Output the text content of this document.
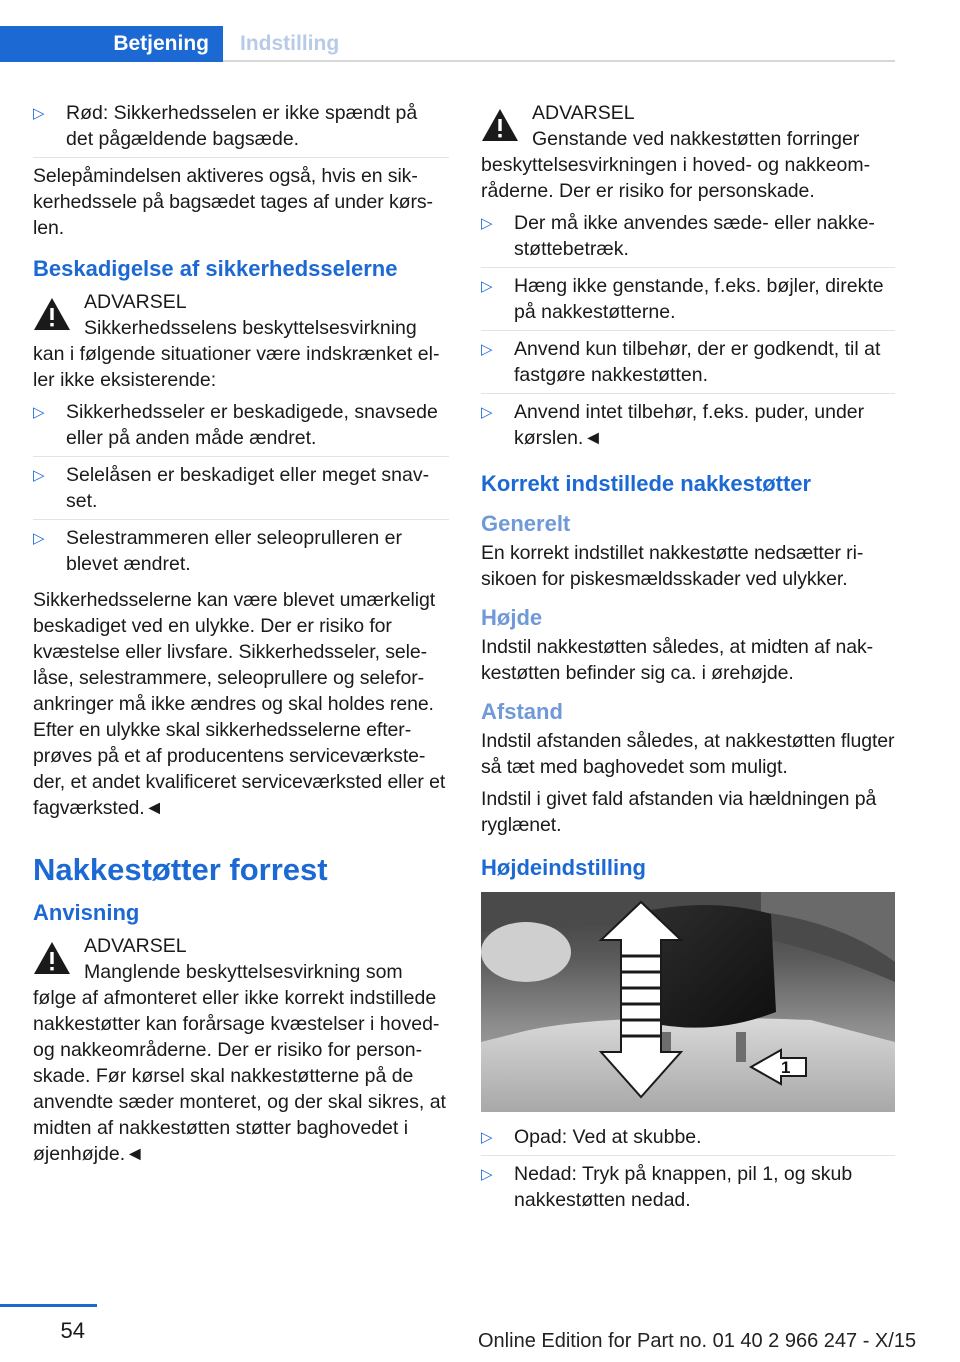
Betjening	Indstilling
▷ Rød: Sikkerhedsselen er ikke spændt på det pågældende bagsæde.
Selepåmindelsen aktiveres også, hvis en sikkerhedssele på bagsædet tages af under kørslen.
Beskadigelse af sikkerhedsselerne
ADVARSEL
Sikkerhedsselens beskyttelsesvirkning
kan i følgende situationer være indskrænket eller ikke eksisterende:
▷ Sikkerhedsseler er beskadigede, snavsede eller på anden måde ændret.
▷ Selelåsen er beskadiget eller meget snavset.
▷ Selestrammeren eller seleoprulleren er blevet ændret.
Sikkerhedsselerne kan være blevet umærkeligt beskadiget ved en ulykke. Der er risiko for kvæstelse eller livsfare. Sikkerhedsseler, selelåse, selestrammere, seleoprullere og seleforankringer må ikke ændres og skal holdes rene. Efter en ulykke skal sikkerhedsselerne efterprøves på et af producentens serviceværksteder, et andet kvalificeret serviceværksted eller et fagværksted.◄
Nakkestøtter forrest
Anvisning
ADVARSEL
Manglende beskyttelsesvirkning som
følge af afmonteret eller ikke korrekt indstillede nakkestøtter kan forårsage kvæstelser i hoved- og nakkeområderne. Der er risiko for personskade. Før kørsel skal nakkestøtterne på de anvendte sæder monteret, og der skal sikres, at midten af nakkestøtten støtter baghovedet i øjenhøjde.◄
ADVARSEL
Genstande ved nakkestøtten forringer
beskyttelsesvirkningen i hoved- og nakkeområderne. Der er risiko for personskade.
▷ Der må ikke anvendes sæde- eller nakkestøttebetræk.
▷ Hæng ikke genstande, f.eks. bøjler, direkte på nakkestøtterne.
▷ Anvend kun tilbehør, der er godkendt, til at fastgøre nakkestøtten.
▷ Anvend intet tilbehør, f.eks. puder, under kørslen.◄
Korrekt indstillede nakkestøtter
Generelt
En korrekt indstillet nakkestøtte nedsætter risikoen for piskesmældsskader ved ulykker.
Højde
Indstil nakkestøtten således, at midten af nakkestøtten befinder sig ca. i ørehøjde.
Afstand
Indstil afstanden således, at nakkestøtten flugter så tæt med baghovedet som muligt.
Indstil i givet fald afstanden via hældningen på ryglænet.
Højdeindstilling
1
▷ Opad: Ved at skubbe.
▷ Nedad: Tryk på knappen, pil 1, og skub nakkestøtten nedad.
54	Online Edition for Part no. 01 40 2 966 247 - X/15
